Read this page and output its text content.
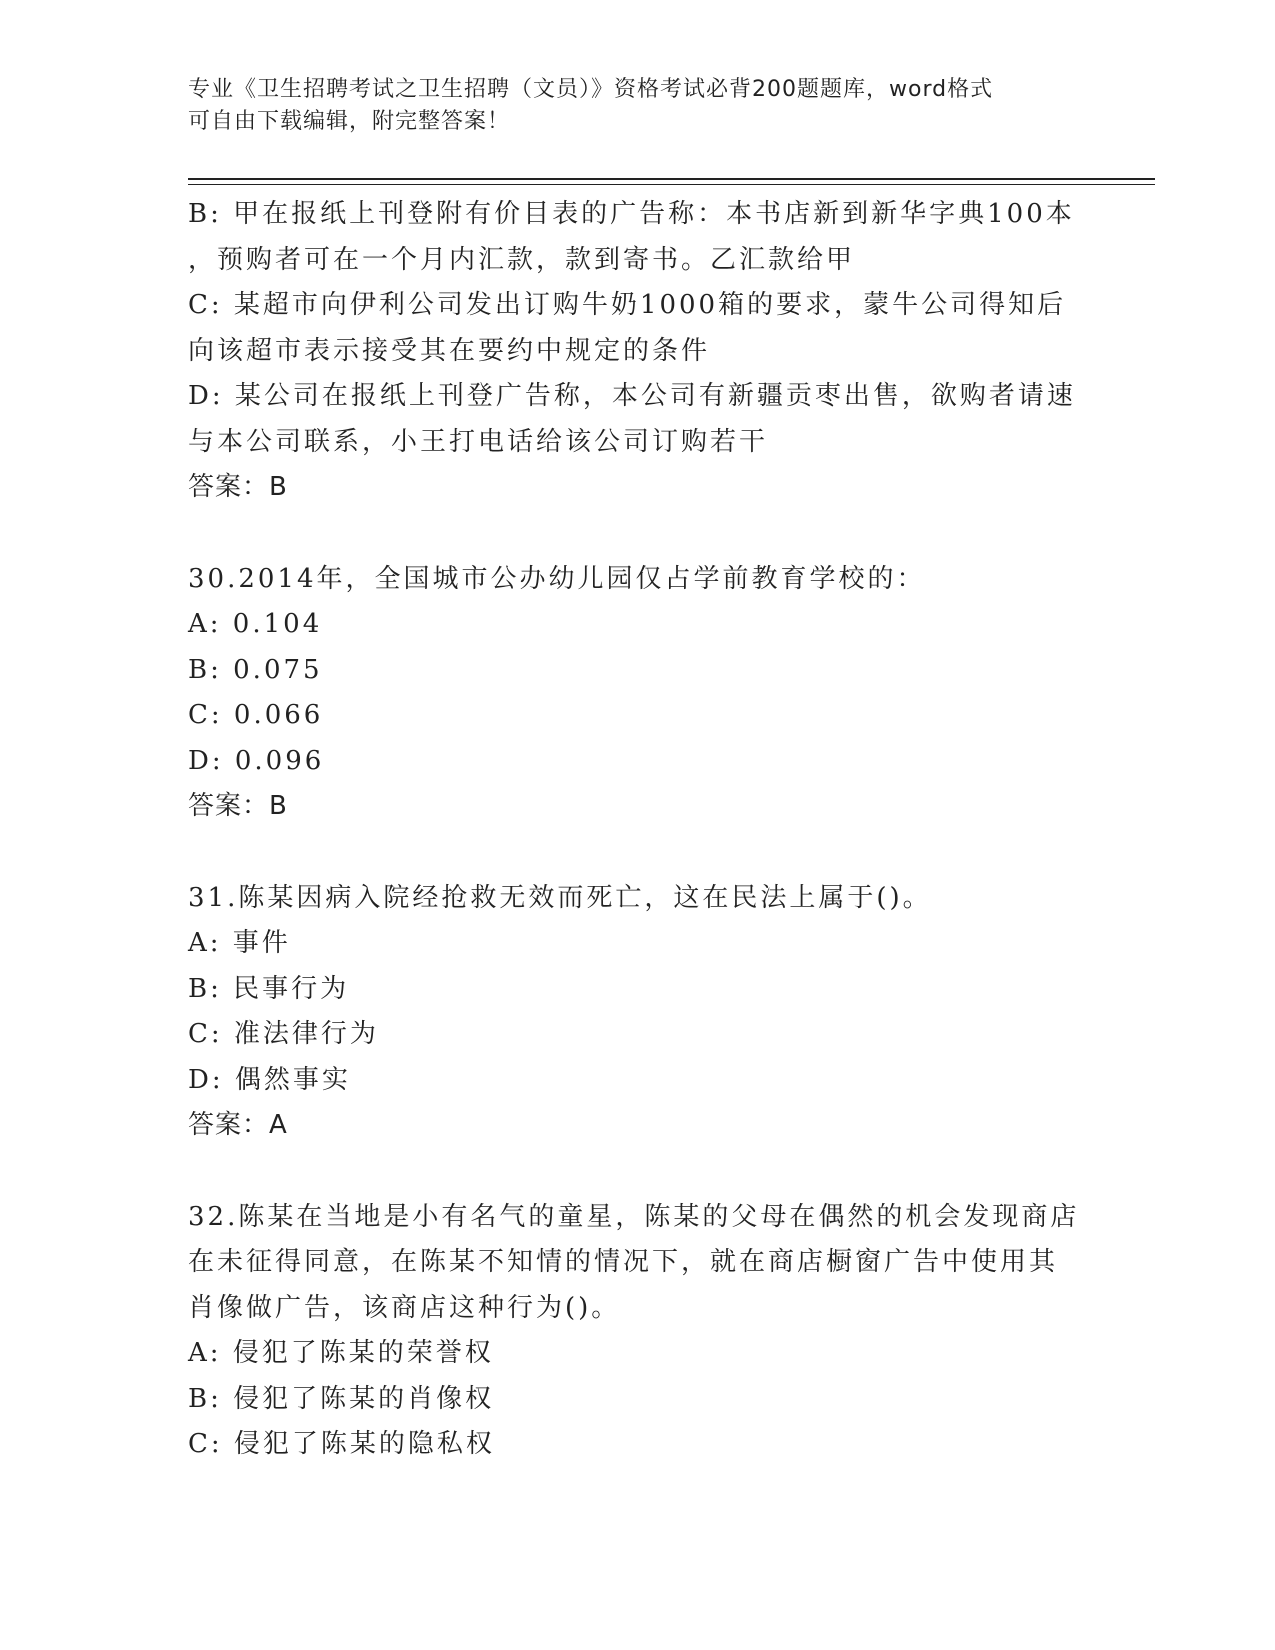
专业《卫生招聘考试之卫生招聘（文员）》资格考试必背200题题库，word格式
可自由下载编辑，附完整答案！
B: 甲在报纸上刊登附有价目表的广告称：本书店新到新华字典100本
，预购者可在一个月内汇款，款到寄书。乙汇款给甲
C: 某超市向伊利公司发出订购牛奶1000箱的要求，蒙牛公司得知后
向该超市表示接受其在要约中规定的条件
D: 某公司在报纸上刊登广告称，本公司有新疆贡枣出售，欲购者请速
与本公司联系，小王打电话给该公司订购若干
答案：B
30.2014年，全国城市公办幼儿园仅占学前教育学校的：
A: 0.104
B: 0.075
C: 0.066
D: 0.096
答案：B
31.陈某因病入院经抢救无效而死亡，这在民法上属于()。
A: 事件
B: 民事行为
C: 准法律行为
D: 偶然事实
答案：A
32.陈某在当地是小有名气的童星，陈某的父母在偶然的机会发现商店
在未征得同意，在陈某不知情的情况下，就在商店橱窗广告中使用其
肖像做广告，该商店这种行为()。
A: 侵犯了陈某的荣誉权
B: 侵犯了陈某的肖像权
C: 侵犯了陈某的隐私权
